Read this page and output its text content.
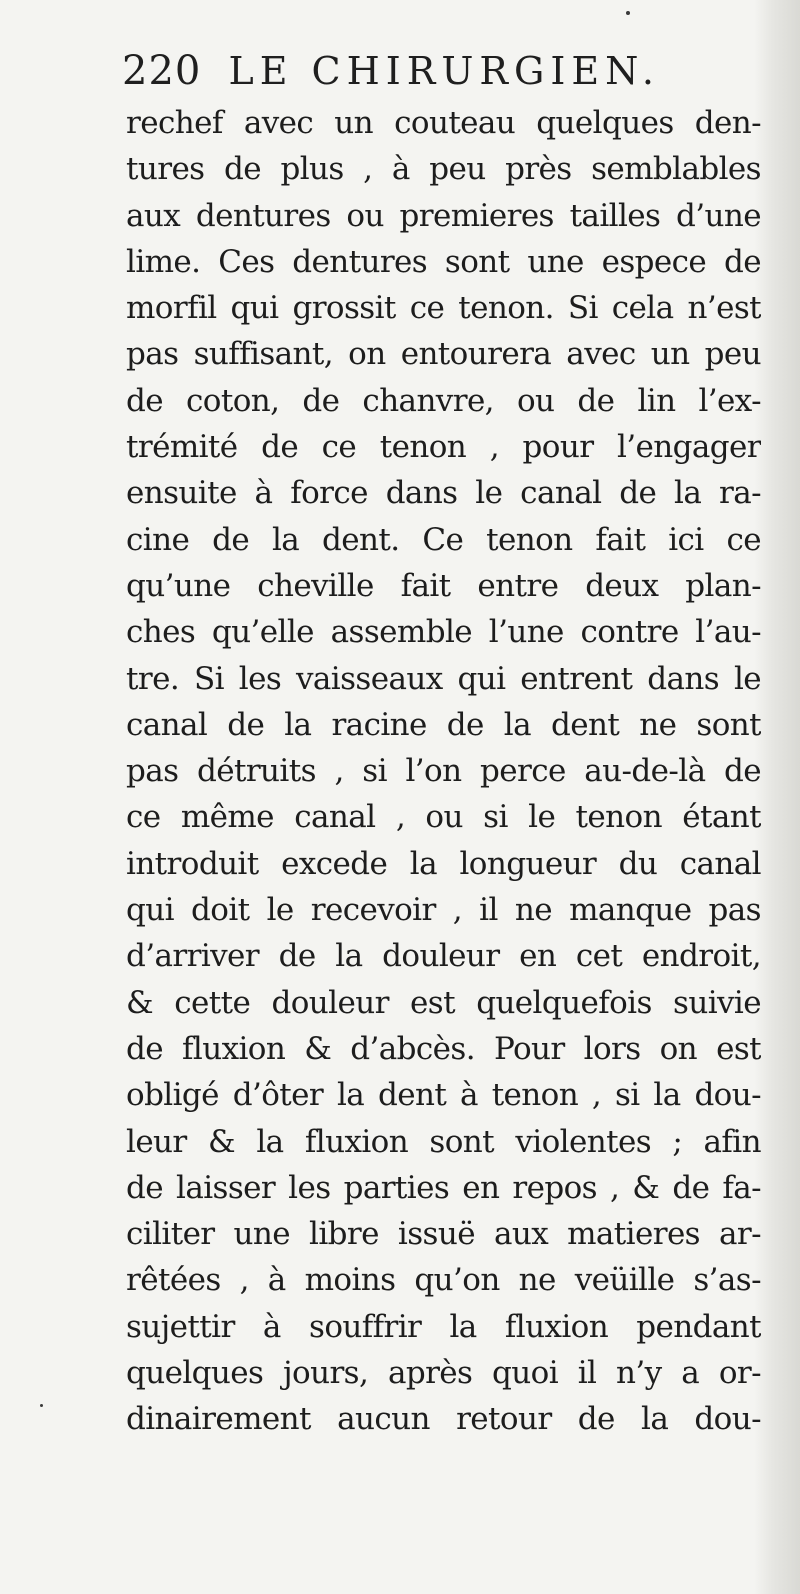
220 LE CHIRURGIEN.
rechef avec un couteau quelques den-
tures de plus , à peu près semblables
aux dentures ou premieres tailles d’une
lime. Ces dentures sont une espece de
morfil qui grossit ce tenon. Si cela n’est
pas suffisant, on entourera avec un peu
de coton, de chanvre, ou de lin l’ex-
trémité de ce tenon , pour l’engager
ensuite à force dans le canal de la ra-
cine de la dent. Ce tenon fait ici ce
qu’une cheville fait entre deux plan-
ches qu’elle assemble l’une contre l’au-
tre. Si les vaisseaux qui entrent dans le
canal de la racine de la dent ne sont
pas détruits , si l’on perce au-de-là de
ce même canal , ou si le tenon étant
introduit excede la longueur du canal
qui doit le recevoir , il ne manque pas
d’arriver de la douleur en cet endroit,
& cette douleur est quelquefois suivie
de fluxion & d’abcès. Pour lors on est
obligé d’ôter la dent à tenon , si la dou-
leur & la fluxion sont violentes ; afin
de laisser les parties en repos , & de fa-
ciliter une libre issuë aux matieres ar-
rêtées , à moins qu’on ne veüille s’as-
sujettir à souffrir la fluxion pendant
quelques jours, après quoi il n’y a or-
dinairement aucun retour de la dou-
